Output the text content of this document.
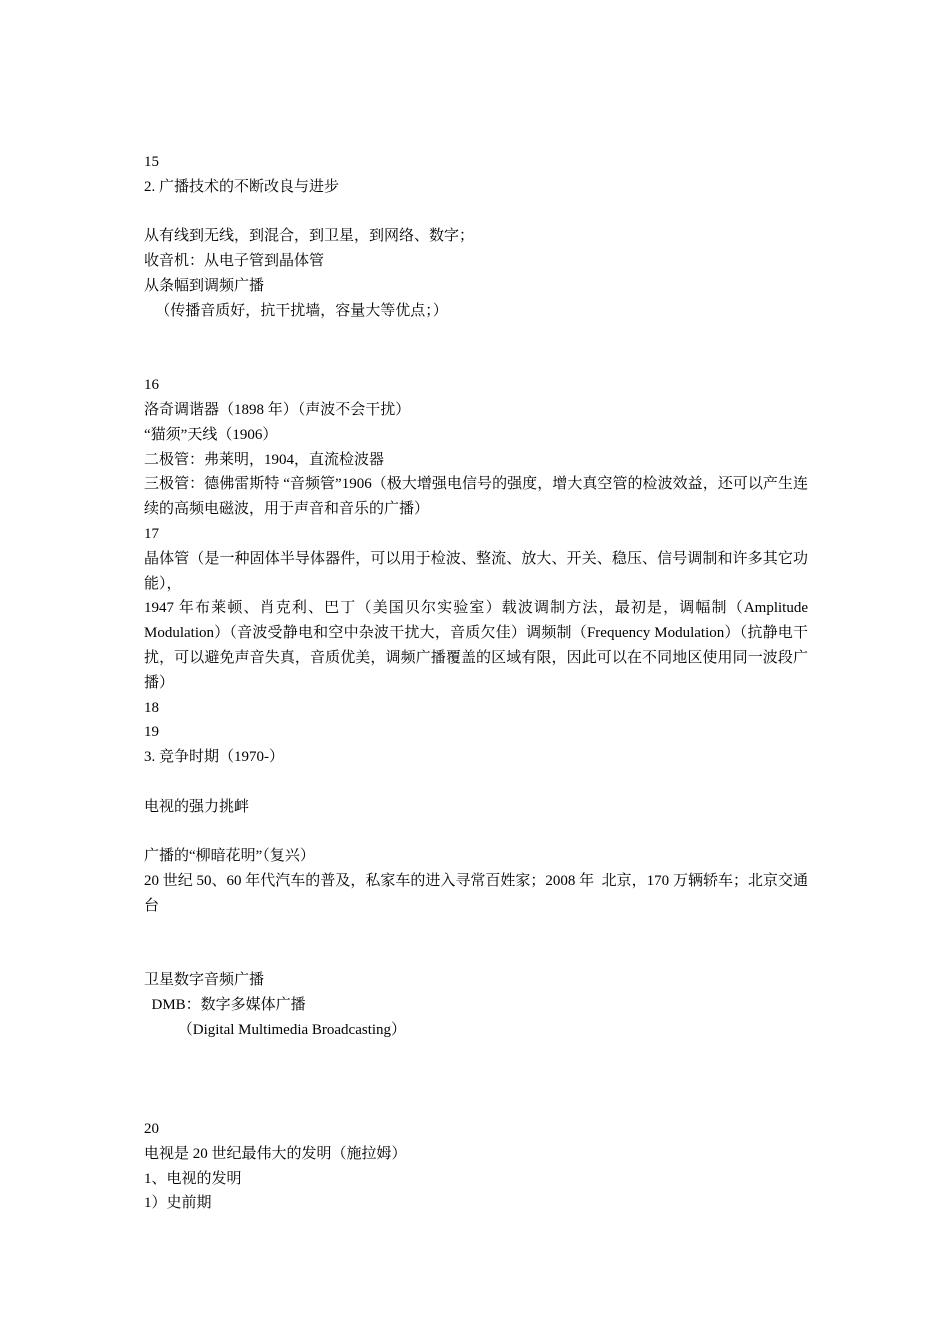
15

2. 广播技术的不断改良与进步

从有线到无线，到混合，到卫星，到网络、数字；

收音机：从电子管到晶体管

从条幅到调频广播

（传播音质好，抗干扰墙，容量大等优点；）

16

洛奇调谐器（1898 年）（声波不会干扰）

“猫须”天线（1906）

二极管：弗莱明，1904，直流检波器

三极管：德佛雷斯特 “音频管”1906（极大增强电信号的强度，增大真空管的检波效益，还可以产生连续的高频电磁波，用于声音和音乐的广播）

17

晶体管（是一种固体半导体器件，可以用于检波、整流、放大、开关、稳压、信号调制和许多其它功能），

1947 年布莱顿、肖克利、巴丁（美国贝尔实验室）载波调制方法，最初是，调幅制（Amplitude Modulation）（音波受静电和空中杂波干扰大，音质欠佳）调频制（Frequency Modulation）（抗静电干扰，可以避免声音失真，音质优美，调频广播覆盖的区域有限，因此可以在不同地区使用同一波段广播）

18

19

3. 竞争时期（1970-）

电视的强力挑衅

广播的“柳暗花明”（复兴）

20 世纪 50、60 年代汽车的普及，私家车的进入寻常百姓家；2008 年  北京，170 万辆轿车；北京交通台

卫星数字音频广播

DMB：数字多媒体广播

（Digital Multimedia Broadcasting）

20

电视是 20 世纪最伟大的发明（施拉姆）

1、电视的发明

1）史前期
